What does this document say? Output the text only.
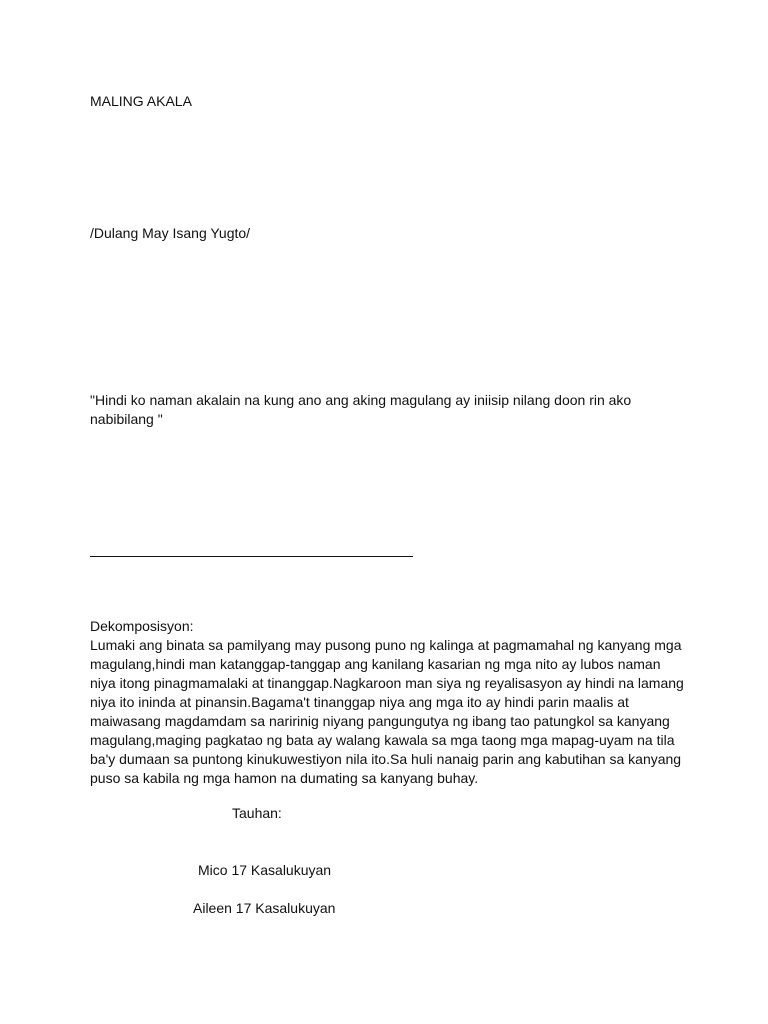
MALING AKALA
/Dulang May Isang Yugto/
"Hindi ko naman akalain na kung ano ang aking magulang ay iniisip nilang doon rin ako
nabibilang "
Dekomposisyon:
Lumaki ang binata sa pamilyang may pusong puno ng kalinga at pagmamahal ng kanyang mga
magulang,hindi man katanggap-tanggap ang kanilang kasarian ng mga nito ay lubos naman
niya itong pinagmamalaki at tinanggap.Nagkaroon man siya ng reyalisasyon ay hindi na lamang
niya ito ininda at pinansin.Bagama't tinanggap niya ang mga ito ay hindi parin maalis at
maiwasang magdamdam sa naririnig niyang pangungutya ng ibang tao patungkol sa kanyang
magulang,maging pagkatao ng bata ay walang kawala sa mga taong mga mapag-uyam na tila
ba'y dumaan sa puntong kinukuwestiyon nila ito.Sa huli nanaig parin ang kabutihan sa kanyang
puso sa kabila ng mga hamon na dumating sa kanyang buhay.
Tauhan:
Mico 17 Kasalukuyan
Aileen 17 Kasalukuyan
